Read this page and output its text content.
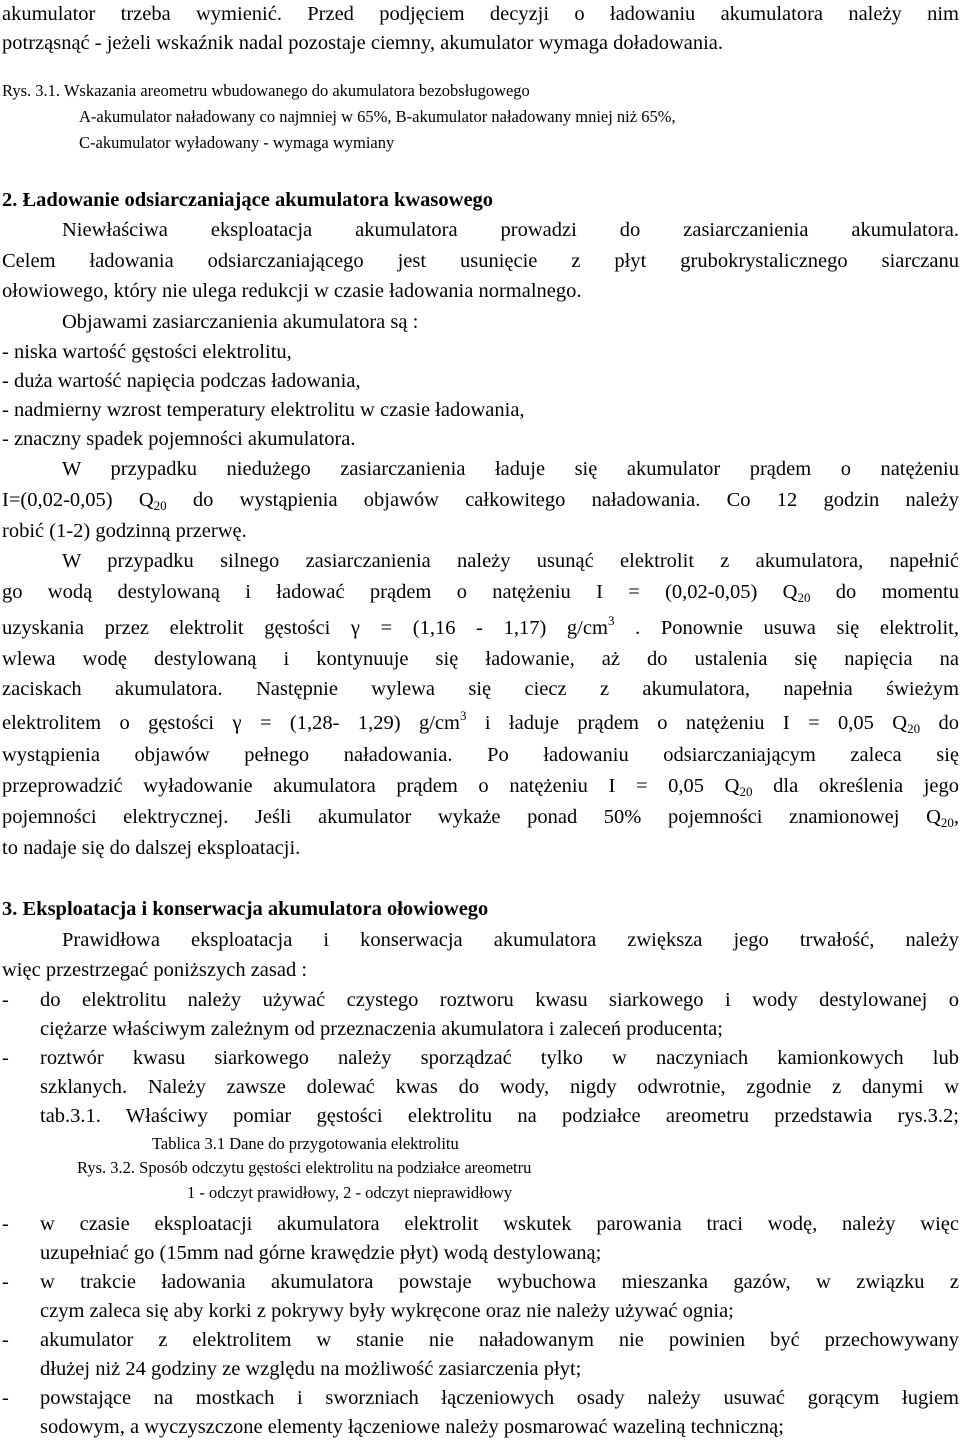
akumulator trzeba wymienić. Przed podjęciem decyzji o ładowaniu akumulatora należy nim
potrząsnąć - jeżeli wskaźnik nadal pozostaje ciemny, akumulator wymaga doładowania.
Rys. 3.1. Wskazania areometru wbudowanego do akumulatora bezobsługowego
A-akumulator naładowany co najmniej w 65%, B-akumulator naładowany mniej niż 65%,
C-akumulator wyładowany - wymaga wymiany
2. Ładowanie odsiarczaniające akumulatora kwasowego
Niewłaściwa eksploatacja akumulatora prowadzi do zasiarczanienia akumulatora.
Celem ładowania odsiarczaniającego jest usunięcie z płyt grubokrystalicznego siarczanu
ołowiowego, który nie ulega redukcji w czasie ładowania normalnego.
Objawami zasiarczanienia akumulatora są :
- niska wartość gęstości elektrolitu,
- duża wartość napięcia podczas ładowania,
- nadmierny wzrost temperatury elektrolitu w czasie ładowania,
- znaczny spadek pojemności akumulatora.
W przypadku niedużego zasiarczanienia ładuje się akumulator prądem o natężeniu
I=(0,02-0,05) $Q_{20}$ do wystąpienia objawów całkowitego naładowania. Co 12 godzin należy
robić (1-2) godzinną przerwę.
W przypadku silnego zasiarczanienia należy usunąć elektrolit z akumulatora, napełnić
go wodą destylowaną i ładować prądem o natężeniu I = (0,02-0,05) $Q_{20}$ do momentu
uzyskania przez elektrolit gęstości γ = (1,16 - 1,17) $g/cm^3$ . Ponownie usuwa się elektrolit,
wlewa wodę destylowaną i kontynuuje się ładowanie, aż do ustalenia się napięcia na
zaciskach akumulatora. Następnie wylewa się ciecz z akumulatora, napełnia świeżym
elektrolitem o gęstości γ = (1,28- 1,29) $g/cm^3$ i ładuje prądem o natężeniu I = 0,05 $Q_{20}$ do
wystąpienia objawów pełnego naładowania. Po ładowaniu odsiarczaniającym zaleca się
przeprowadzić wyładowanie akumulatora prądem o natężeniu I = 0,05 $Q_{20}$ dla określenia jego
pojemności elektrycznej. Jeśli akumulator wykaże ponad 50% pojemności znamionowej $Q_{20}$,
to nadaje się do dalszej eksploatacji.
3. Eksploatacja i konserwacja akumulatora ołowiowego
Prawidłowa eksploatacja i konserwacja akumulatora zwiększa jego trwałość, należy
więc przestrzegać poniższych zasad :
- do elektrolitu należy używać czystego roztworu kwasu siarkowego i wody destylowanej o
ciężarze właściwym zależnym od przeznaczenia akumulatora i zaleceń producenta;
- roztwór kwasu siarkowego należy sporządzać tylko w naczyniach kamionkowych lub
szklanych. Należy zawsze dolewać kwas do wody, nigdy odwrotnie, zgodnie z danymi w
tab.3.1. Właściwy pomiar gęstości elektrolitu na podziałce areometru przedstawia rys.3.2;
Tablica 3.1 Dane do przygotowania elektrolitu
Rys. 3.2. Sposób odczytu gęstości elektrolitu na podziałce areometru
1 - odczyt prawidłowy, 2 - odczyt nieprawidłowy
- w czasie eksploatacji akumulatora elektrolit wskutek parowania traci wodę, należy więc
uzupełniać go (15mm nad górne krawędzie płyt) wodą destylowaną;
- w trakcie ładowania akumulatora powstaje wybuchowa mieszanka gazów, w związku z
czym zaleca się aby korki z pokrywy były wykręcone oraz nie należy używać ognia;
- akumulator z elektrolitem w stanie nie naładowanym nie powinien być przechowywany
dłużej niż 24 godziny ze względu na możliwość zasiarczenia płyt;
- powstające na mostkach i sworzniach łączeniowych osady należy usuwać gorącym ługiem
sodowym, a wyczyszczone elementy łączeniowe należy posmarować wazeliną techniczną;
